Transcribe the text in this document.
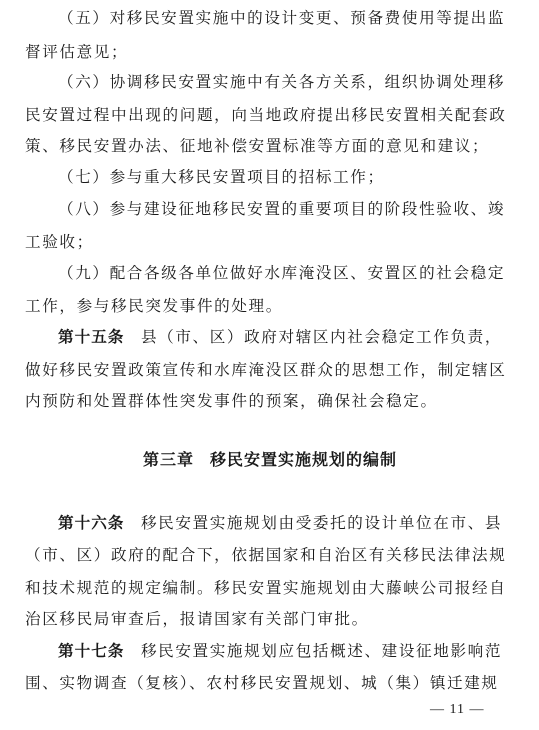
（五）对移民安置实施中的设计变更、预备费使用等提出监
督评估意见；
（六）协调移民安置实施中有关各方关系，组织协调处理移
民安置过程中出现的问题，向当地政府提出移民安置相关配套政
策、移民安置办法、征地补偿安置标准等方面的意见和建议；
（七）参与重大移民安置项目的招标工作；
（八）参与建设征地移民安置的重要项目的阶段性验收、竣
工验收；
（九）配合各级各单位做好水库淹没区、安置区的社会稳定
工作，参与移民突发事件的处理。
第十五条 县（市、区）政府对辖区内社会稳定工作负责，
做好移民安置政策宣传和水库淹没区群众的思想工作，制定辖区
内预防和处置群体性突发事件的预案，确保社会稳定。
第三章 移民安置实施规划的编制
第十六条 移民安置实施规划由受委托的设计单位在市、县
（市、区）政府的配合下，依据国家和自治区有关移民法律法规
和技术规范的规定编制。移民安置实施规划由大藤峡公司报经自
治区移民局审查后，报请国家有关部门审批。
第十七条 移民安置实施规划应包括概述、建设征地影响范
围、实物调查（复核）、农村移民安置规划、城（集）镇迁建规
— 11 —
